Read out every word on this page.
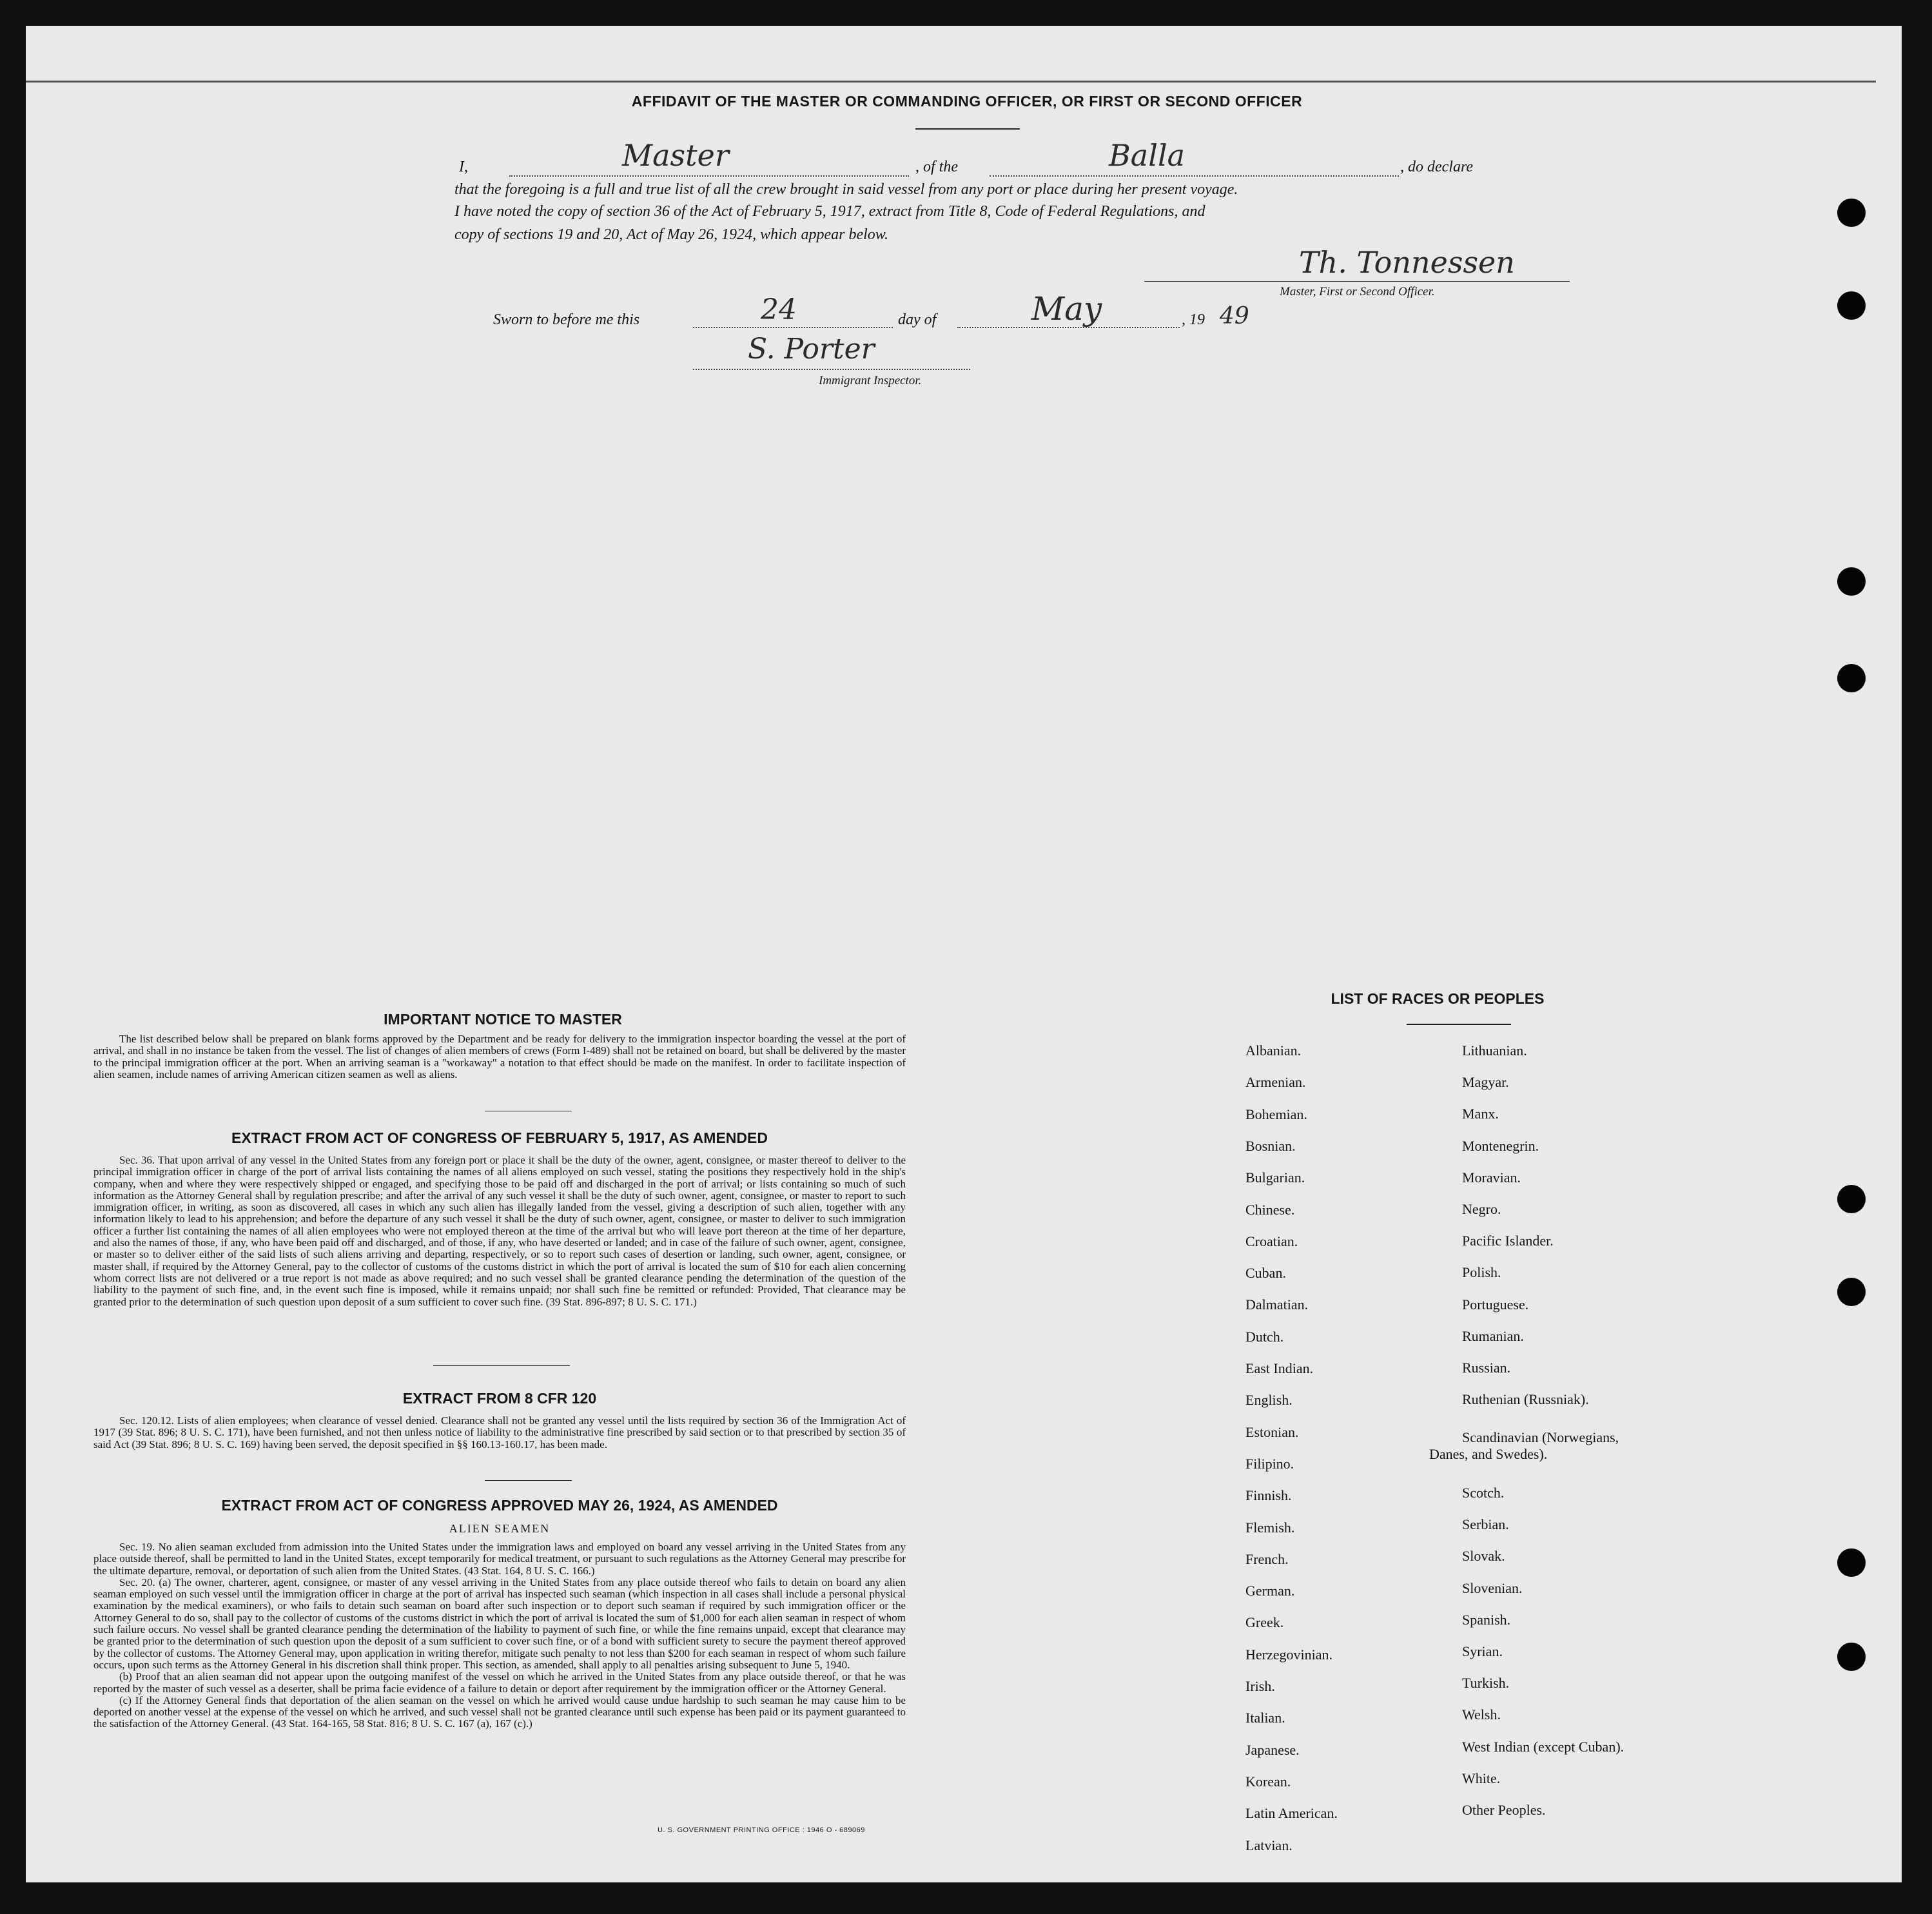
AFFIDAVIT OF THE MASTER OR COMMANDING OFFICER, OR FIRST OR SECOND OFFICER
I,	Master	, of the	Balla	, do declare
that the foregoing is a full and true list of all the crew brought in said vessel from any port or place during her present voyage.
I have noted the copy of section 36 of the Act of February 5, 1917, extract from Title 8, Code of Federal Regulations, and
copy of sections 19 and 20, Act of May 26, 1924, which appear below.
Th. Tonnessen
Master, First or Second Officer.
Sworn to before me this	24	day of	May	, 19 49
S. Porter
Immigrant Inspector.
IMPORTANT NOTICE TO MASTER

The list described below shall be prepared on blank forms approved by the Department and be ready for delivery to the immigration inspector boarding the vessel at the port of arrival, and shall in no instance be taken from the vessel. The list of changes of alien members of crews (Form I-489) shall not be retained on board, but shall be delivered by the master to the principal immigration officer at the port. When an arriving seaman is a "workaway" a notation to that effect should be made on the manifest. In order to facilitate inspection of alien seamen, include names of arriving American citizen seamen as well as aliens.

EXTRACT FROM ACT OF CONGRESS OF FEBRUARY 5, 1917, AS AMENDED

Sec. 36. That upon arrival of any vessel in the United States from any foreign port or place it shall be the duty of the owner, agent, consignee, or master thereof to deliver to the principal immigration officer in charge of the port of arrival lists containing the names of all aliens employed on such vessel, stating the positions they respectively hold in the ship's company, when and where they were respectively shipped or engaged, and specifying those to be paid off and discharged in the port of arrival; or lists containing so much of such information as the Attorney General shall by regulation prescribe; and after the arrival of any such vessel it shall be the duty of such owner, agent, consignee, or master to report to such immigration officer, in writing, as soon as discovered, all cases in which any such alien has illegally landed from the vessel, giving a description of such alien, together with any information likely to lead to his apprehension; and before the departure of any such vessel it shall be the duty of such owner, agent, consignee, or master to deliver to such immigration officer a further list containing the names of all alien employees who were not employed thereon at the time of the arrival but who will leave port thereon at the time of her departure, and also the names of those, if any, who have been paid off and discharged, and of those, if any, who have deserted or landed; and in case of the failure of such owner, agent, consignee, or master so to deliver either of the said lists of such aliens arriving and departing, respectively, or so to report such cases of desertion or landing, such owner, agent, consignee, or master shall, if required by the Attorney General, pay to the collector of customs of the customs district in which the port of arrival is located the sum of $10 for each alien concerning whom correct lists are not delivered or a true report is not made as above required; and no such vessel shall be granted clearance pending the determination of the question of the liability to the payment of such fine, and, in the event such fine is imposed, while it remains unpaid; nor shall such fine be remitted or refunded: Provided, That clearance may be granted prior to the determination of such question upon deposit of a sum sufficient to cover such fine. (39 Stat. 896-897; 8 U. S. C. 171.)

EXTRACT FROM 8 CFR 120

Sec. 120.12. Lists of alien employees; when clearance of vessel denied. Clearance shall not be granted any vessel until the lists required by section 36 of the Immigration Act of 1917 (39 Stat. 896; 8 U. S. C. 171), have been furnished, and not then unless notice of liability to the administrative fine prescribed by said section or to that prescribed by section 35 of said Act (39 Stat. 896; 8 U. S. C. 169) having been served, the deposit specified in §§ 160.13-160.17, has been made.

EXTRACT FROM ACT OF CONGRESS APPROVED MAY 26, 1924, AS AMENDED
ALIEN SEAMEN

Sec. 19. No alien seaman excluded from admission into the United States under the immigration laws and employed on board any vessel arriving in the United States from any place outside thereof, shall be permitted to land in the United States, except temporarily for medical treatment, or pursuant to such regulations as the Attorney General may prescribe for the ultimate departure, removal, or deportation of such alien from the United States. (43 Stat. 164, 8 U. S. C. 166.)

Sec. 20. (a) The owner, charterer, agent, consignee, or master of any vessel arriving in the United States from any place outside thereof who fails to detain on board any alien seaman employed on such vessel until the immigration officer in charge at the port of arrival has inspected such seaman (which inspection in all cases shall include a personal physical examination by the medical examiners), or who fails to detain such seaman on board after such inspection or to deport such seaman if required by such immigration officer or the Attorney General to do so, shall pay to the collector of customs of the customs district in which the port of arrival is located the sum of $1,000 for each alien seaman in respect of whom such failure occurs. No vessel shall be granted clearance pending the determination of the liability to payment of such fine, or while the fine remains unpaid, except that clearance may be granted prior to the determination of such question upon the deposit of a sum sufficient to cover such fine, or of a bond with sufficient surety to secure the payment thereof approved by the collector of customs. The Attorney General may, upon application in writing therefor, mitigate such penalty to not less than $200 for each seaman in respect of whom such failure occurs, upon such terms as the Attorney General in his discretion shall think proper. This section, as amended, shall apply to all penalties arising subsequent to June 5, 1940.

(b) Proof that an alien seaman did not appear upon the outgoing manifest of the vessel on which he arrived in the United States from any place outside thereof, or that he was reported by the master of such vessel as a deserter, shall be prima facie evidence of a failure to detain or deport after requirement by the immigration officer or the Attorney General.

(c) If the Attorney General finds that deportation of the alien seaman on the vessel on which he arrived would cause undue hardship to such seaman he may cause him to be deported on another vessel at the expense of the vessel on which he arrived, and such vessel shall not be granted clearance until such expense has been paid or its payment guaranteed to the satisfaction of the Attorney General. (43 Stat. 164-165, 58 Stat. 816; 8 U. S. C. 167 (a), 167 (c).)

U. S. GOVERNMENT PRINTING OFFICE : 1946 O - 689069
LIST OF RACES OR PEOPLES
Albanian.
Armenian.
Bohemian.
Bosnian.
Bulgarian.
Chinese.
Croatian.
Cuban.
Dalmatian.
Dutch.
East Indian.
English.
Estonian.
Filipino.
Finnish.
Flemish.
French.
German.
Greek.
Herzegovinian.
Irish.
Italian.
Japanese.
Korean.
Latin American.
Latvian.
Lithuanian.
Magyar.
Manx.
Montenegrin.
Moravian.
Negro.
Pacific Islander.
Polish.
Portuguese.
Rumanian.
Russian.
Ruthenian (Russniak).
Scandinavian (Norwegians,
Danes, and Swedes).
Scotch.
Serbian.
Slovak.
Slovenian.
Spanish.
Syrian.
Turkish.
Welsh.
West Indian (except Cuban).
White.
Other Peoples.
